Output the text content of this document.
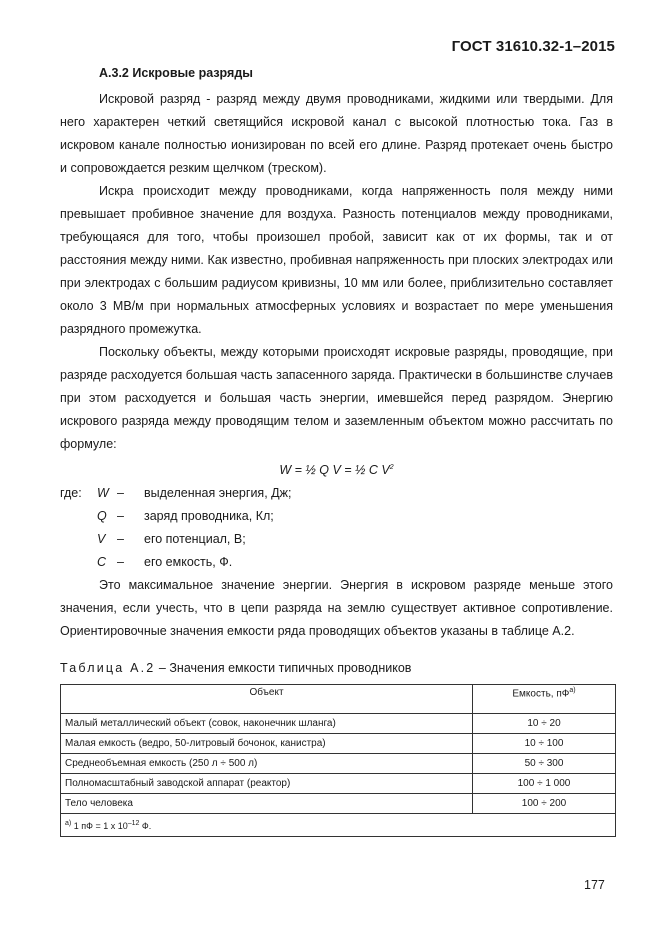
ГОСТ 31610.32-1–2015
А.3.2 Искровые разряды

Искровой разряд - разряд между двумя проводниками, жидкими или твердыми. Для него характерен четкий светящийся искровой канал с высокой плотностью тока. Газ в искровом канале полностью ионизирован по всей его длине. Разряд протекает очень быстро и сопровождается резким щелчком (треском).

Искра происходит между проводниками, когда напряженность поля между ними превышает пробивное значение для воздуха. Разность потенциалов между проводниками, требующаяся для того, чтобы произошел пробой, зависит как от их формы, так и от расстояния между ними. Как известно, пробивная напряженность при плоских электродах или при электродах с большим радиусом кривизны, 10 мм или более, приблизительно составляет около 3 МВ/м при нормальных атмосферных условиях и возрастает по мере уменьшения разрядного промежутка.

Поскольку объекты, между которыми происходят искровые разряды, проводящие, при разряде расходуется большая часть запасенного заряда. Практически в большинстве случаев при этом расходуется и большая часть энергии, имевшейся перед разрядом. Энергию искрового разряда между проводящим телом и заземленным объектом можно рассчитать по формуле:

W = ½ Q V = ½ C $V^2$
где:	W –	выделенная энергия, Дж;
Q –	заряд проводника, Кл;
V –	его потенциал, В;
C –	его емкость, Ф.

Это максимальное значение энергии. Энергия в искровом разряде меньше этого значения, если учесть, что в цепи разряда на землю существует активное сопротивление. Ориентировочные значения емкости ряда проводящих объектов указаны в таблице А.2.

Таблица А.2 – Значения емкости типичных проводников
Объект	Емкость, $пФ^{а)}$
Малый металлический объект (совок, наконечник шланга)	10 ÷ 20
Малая емкость (ведро, 50-литровый бочонок, канистра)	10 ÷ 100
Среднеобъемная емкость (250 л ÷ 500 л)	50 ÷ 300
Полномасштабный заводской аппарат (реактор)	100 ÷ 1 000
Тело человека	100 ÷ 200
$^{а)}$ 1 пФ = 1 х $10^{-12}$ Ф.	
177
